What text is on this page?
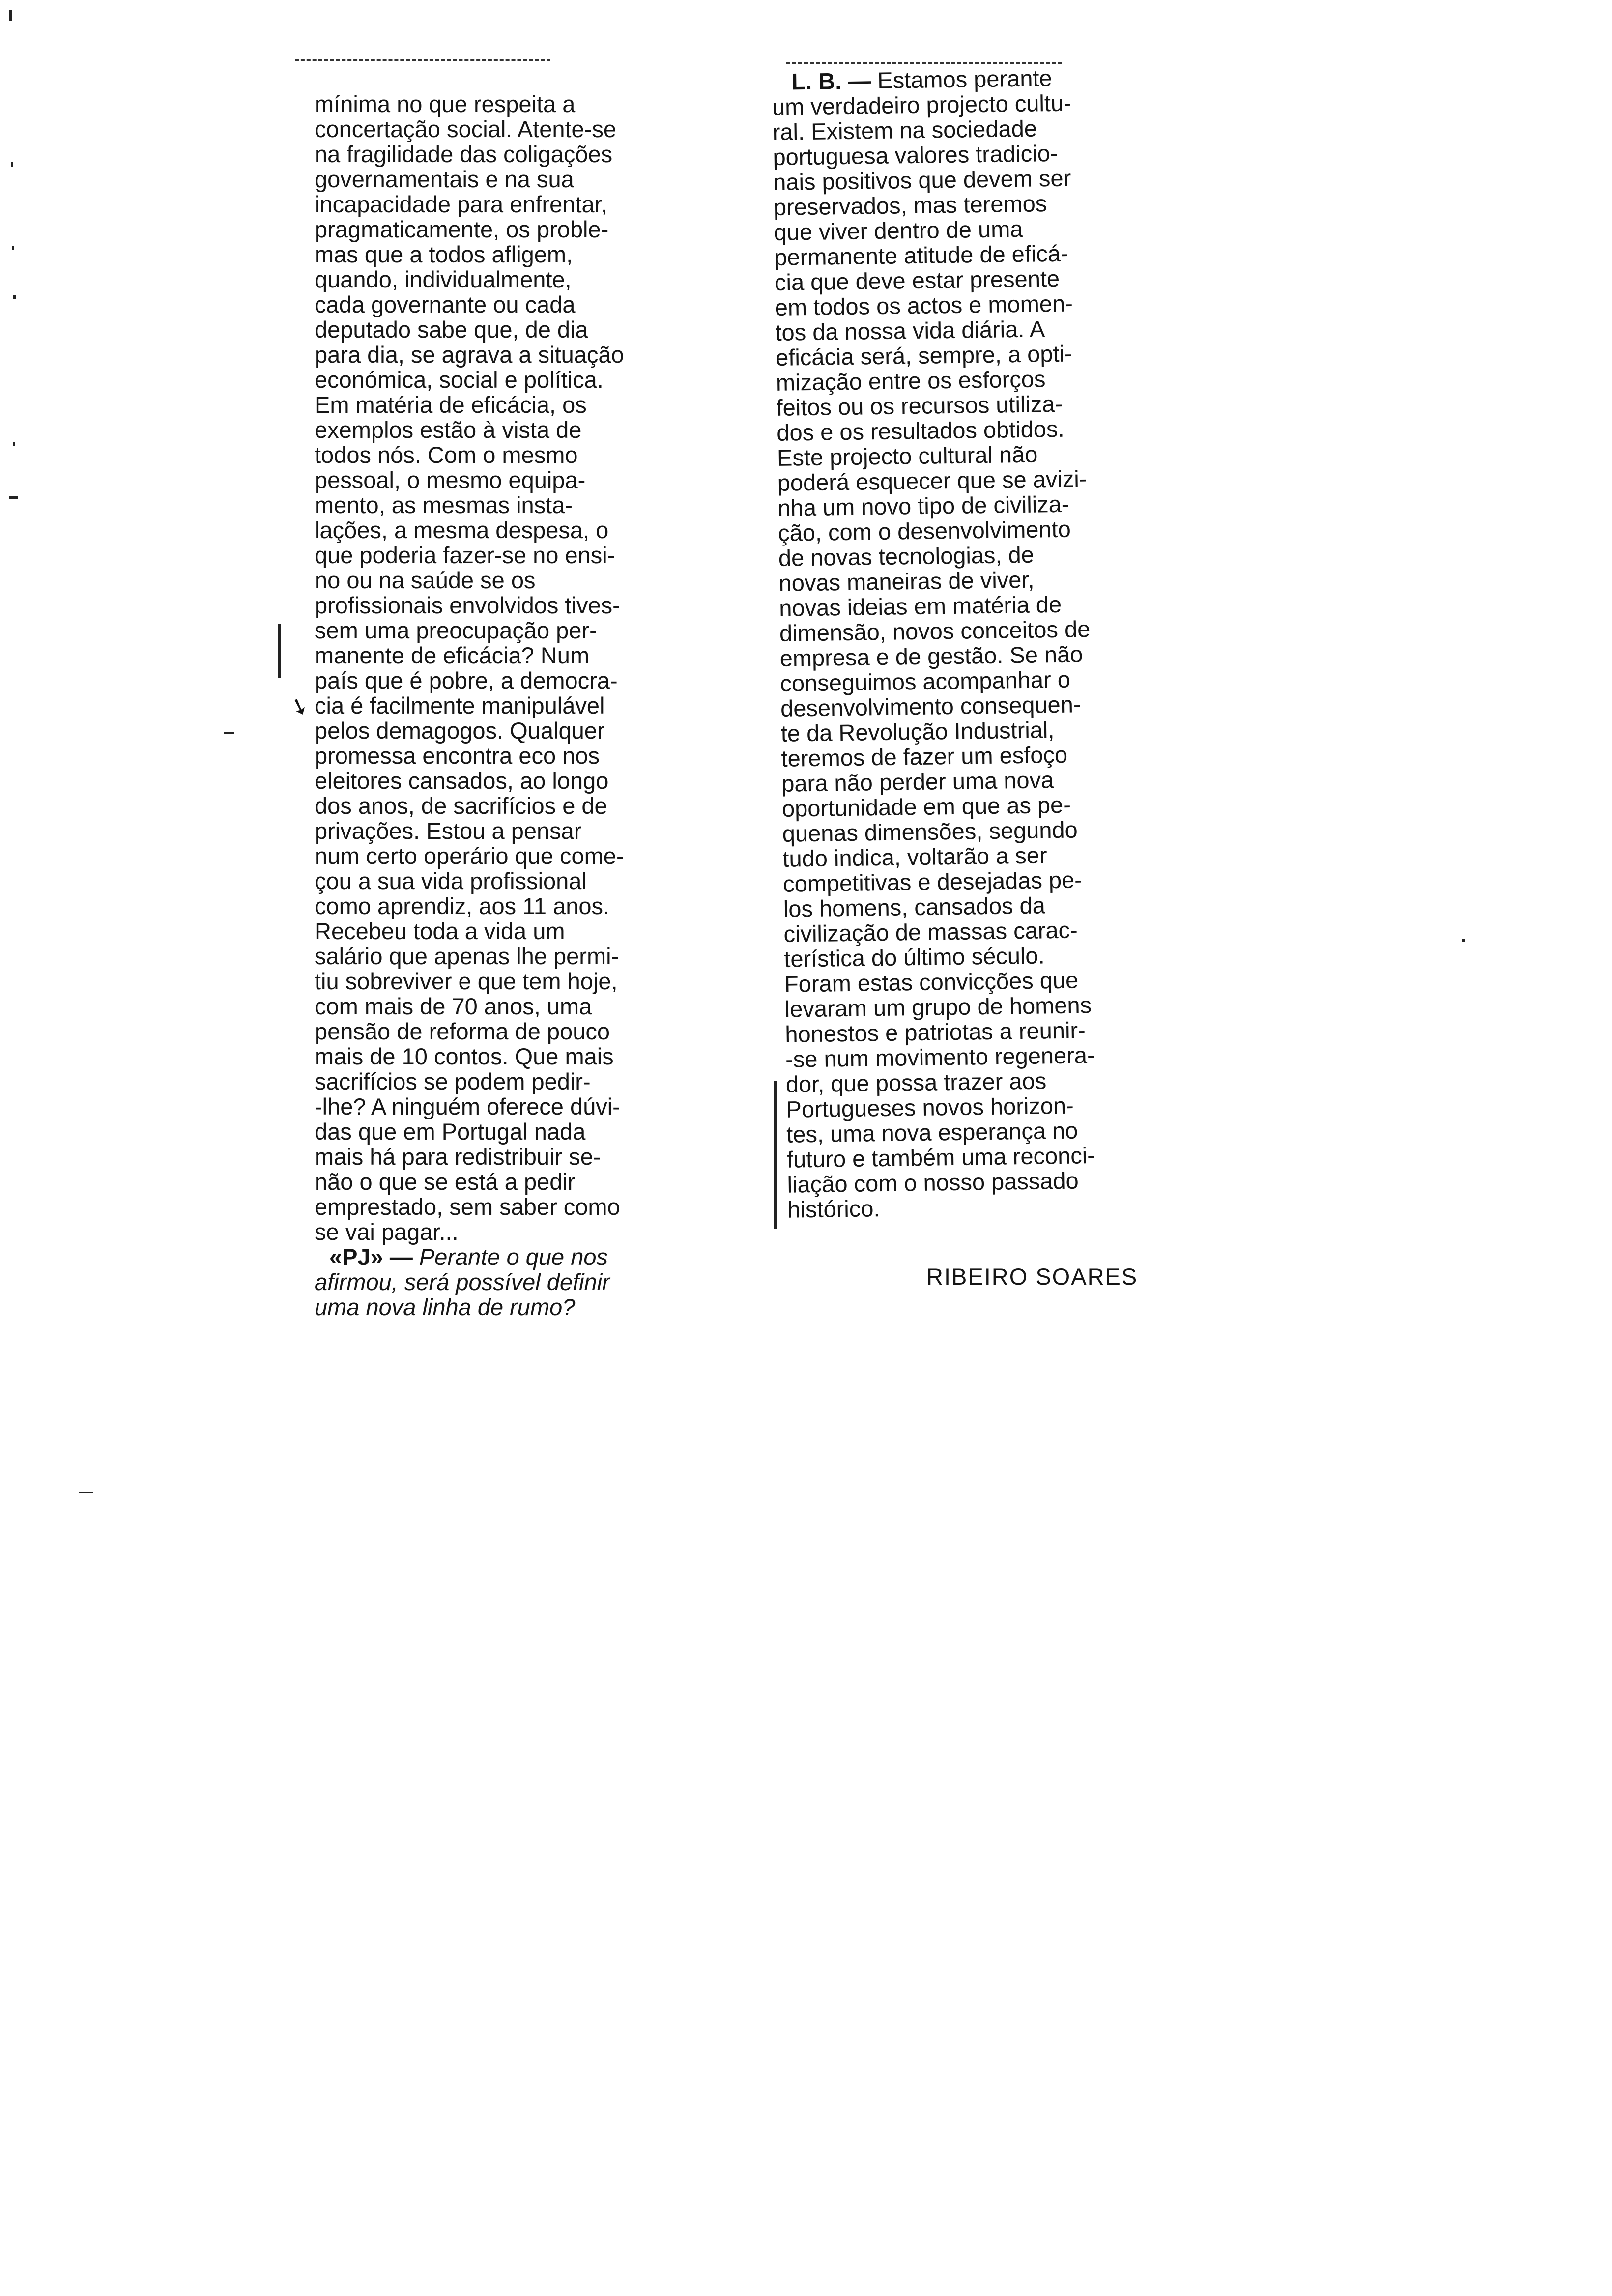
➘
mínima no que respeita a
concertação social. Atente-se
na fragilidade das coligações
governamentais e na sua
incapacidade para enfrentar,
pragmaticamente, os proble-
mas que a todos afligem,
quando, individualmente,
cada governante ou cada
deputado sabe que, de dia
para dia, se agrava a situação
económica, social e política.
Em matéria de eficácia, os
exemplos estão à vista de
todos nós. Com o mesmo
pessoal, o mesmo equipa-
mento, as mesmas insta-
lações, a mesma despesa, o
que poderia fazer-se no ensi-
no ou na saúde se os
profissionais envolvidos tives-
sem uma preocupação per-
manente de eficácia? Num
país que é pobre, a democra-
cia é facilmente manipulável
pelos demagogos. Qualquer
promessa encontra eco nos
eleitores cansados, ao longo
dos anos, de sacrifícios e de
privações. Estou a pensar
num certo operário que come-
çou a sua vida profissional
como aprendiz, aos 11 anos.
Recebeu toda a vida um
salário que apenas lhe permi-
tiu sobreviver e que tem hoje,
com mais de 70 anos, uma
pensão de reforma de pouco
mais de 10 contos. Que mais
sacrifícios se podem pedir-
-lhe? A ninguém oferece dúvi-
das que em Portugal nada
mais há para redistribuir se-
não o que se está a pedir
emprestado, sem saber como
se vai pagar...
«PJ» — Perante o que nos
afirmou, será possível definir
uma nova linha de rumo?
L. B. — Estamos perante
um verdadeiro projecto cultu-
ral. Existem na sociedade
portuguesa valores tradicio-
nais positivos que devem ser
preservados, mas teremos
que viver dentro de uma
permanente atitude de eficá-
cia que deve estar presente
em todos os actos e momen-
tos da nossa vida diária. A
eficácia será, sempre, a opti-
mização entre os esforços
feitos ou os recursos utiliza-
dos e os resultados obtidos.
Este projecto cultural não
poderá esquecer que se avizi-
nha um novo tipo de civiliza-
ção, com o desenvolvimento
de novas tecnologias, de
novas maneiras de viver,
novas ideias em matéria de
dimensão, novos conceitos de
empresa e de gestão. Se não
conseguimos acompanhar o
desenvolvimento consequen-
te da Revolução Industrial,
teremos de fazer um esfoço
para não perder uma nova
oportunidade em que as pe-
quenas dimensões, segundo
tudo indica, voltarão a ser
competitivas e desejadas pe-
los homens, cansados da
civilização de massas carac-
terística do último século.
Foram estas convicções que
levaram um grupo de homens
honestos e patriotas a reunir-
-se num movimento regenera-
dor, que possa trazer aos
Portugueses novos horizon-
tes, uma nova esperança no
futuro e também uma reconci-
liação com o nosso passado
histórico.
RIBEIRO SOARES
